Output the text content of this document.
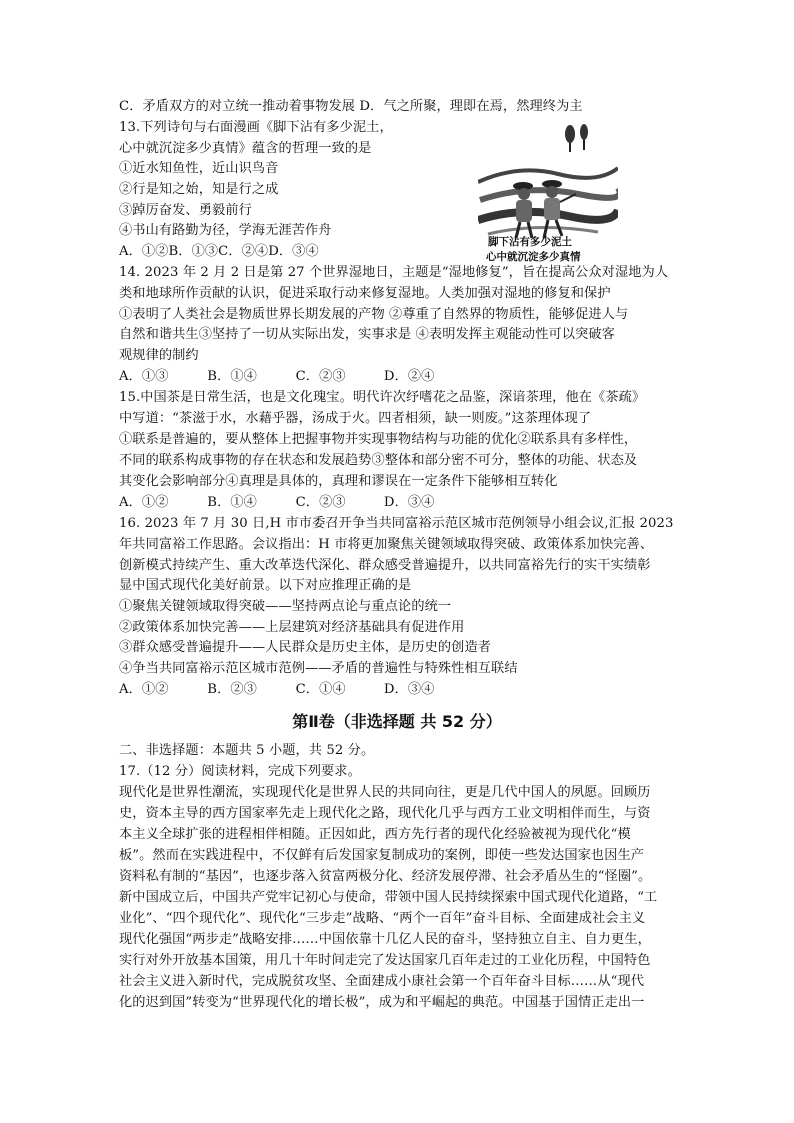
C．矛盾双方的对立统一推动着事物发展 D．气之所聚，理即在焉，然理终为主
13.下列诗句与右面漫画《脚下沾有多少泥土，
心中就沉淀多少真情》蕴含的哲理一致的是
①近水知鱼性，近山识鸟音
②行是知之始，知是行之成
③踔厉奋发、勇毅前行
④书山有路勤为径，学海无涯苦作舟
A．①②B．①③C．②④D．③④
脚下沾有多少泥土
心中就沉淀多少真情
14. 2023 年 2 月 2 日是第 27 个世界湿地日，主题是“湿地修复”，旨在提高公众对湿地为人
类和地球所作贡献的认识，促进采取行动来修复湿地。人类加强对湿地的修复和保护
①表明了人类社会是物质世界长期发展的产物 ②尊重了自然界的物质性，能够促进人与
自然和谐共生③坚持了一切从实际出发，实事求是 ④表明发挥主观能动性可以突破客
观规律的制约
A．①③	B．①④	C．②③	D．②④
15.中国茶是日常生活，也是文化瑰宝。明代许次纾嗜花之品鉴，深谙茶理，他在《茶疏》
中写道：“茶滋于水，水藉乎器，汤成于火。四者相须，缺一则废。”这茶理体现了
①联系是普遍的，要从整体上把握事物并实现事物结构与功能的优化②联系具有多样性，
不同的联系构成事物的存在状态和发展趋势③整体和部分密不可分，整体的功能、状态及
其变化会影响部分④真理是具体的，真理和谬误在一定条件下能够相互转化
A．①②	B．①④	C．②③	D．③④
16. 2023 年 7 月 30 日,H 市市委召开争当共同富裕示范区城市范例领导小组会议,汇报 2023
年共同富裕工作思路。会议指出：H 市将更加聚焦关键领域取得突破、政策体系加快完善、
创新模式持续产生、重大改革迭代深化、群众感受普遍提升，以共同富裕先行的实干实绩彰
显中国式现代化美好前景。以下对应推理正确的是
①聚焦关键领域取得突破——坚持两点论与重点论的统一
②政策体系加快完善——上层建筑对经济基础具有促进作用
③群众感受普遍提升——人民群众是历史主体，是历史的创造者
④争当共同富裕示范区城市范例——矛盾的普遍性与特殊性相互联结
A．①②	B．②③	C．①④	D．③④
第Ⅱ卷（非选择题 共 52 分）
二、非选择题：本题共 5 小题，共 52 分。
17.（12 分）阅读材料，完成下列要求。
现代化是世界性潮流，实现现代化是世界人民的共同向往，更是几代中国人的夙愿。回顾历
史，资本主导的西方国家率先走上现代化之路，现代化几乎与西方工业文明相伴而生，与资
本主义全球扩张的进程相伴相随。正因如此，西方先行者的现代化经验被视为现代化“模
板”。然而在实践进程中，不仅鲜有后发国家复制成功的案例，即使一些发达国家也因生产
资料私有制的“基因”，也逐步落入贫富两极分化、经济发展停滞、社会矛盾丛生的“怪圈”。
新中国成立后，中国共产党牢记初心与使命，带领中国人民持续探索中国式现代化道路，“工
业化”、“四个现代化”、现代化“三步走”战略、“两个一百年”奋斗目标、全面建成社会主义
现代化强国“两步走”战略安排……中国依靠十几亿人民的奋斗，坚持独立自主、自力更生，
实行对外开放基本国策，用几十年时间走完了发达国家几百年走过的工业化历程，中国特色
社会主义进入新时代，完成脱贫攻坚、全面建成小康社会第一个百年奋斗目标……从“现代
化的迟到国”转变为“世界现代化的增长极”，成为和平崛起的典范。中国基于国情正走出一
